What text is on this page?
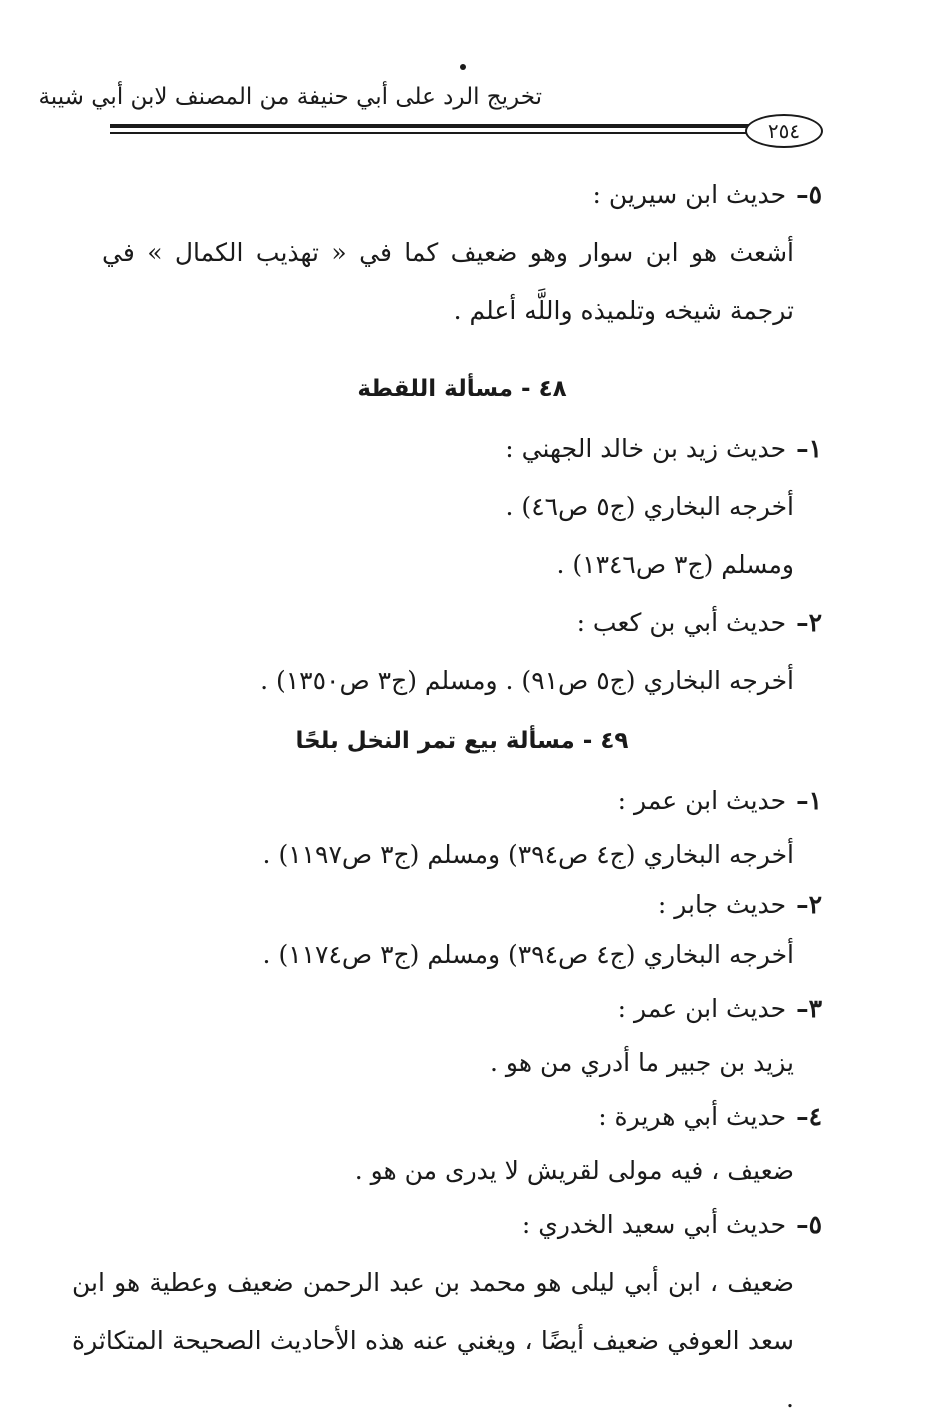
تخريج الرد على أبي حنيفة من المصنف لابن أبي شيبة
٢٥٤
٥– حديث ابن سيرين :
أشعث هو ابن سوار وهو ضعيف كما في « تهذيب الكمال » في ترجمة شيخه وتلميذه واللَّه أعلم .
٤٨ - مسألة اللقطة
١– حديث زيد بن خالد الجهني :
أخرجه البخاري (ج٥ ص٤٦) .
ومسلم (ج٣ ص١٣٤٦) .
٢– حديث أبي بن كعب :
أخرجه البخاري (ج٥ ص٩١) . ومسلم (ج٣ ص١٣٥٠) .
٤٩ - مسألة بيع تمر النخل بلحًا
١– حديث ابن عمر :
أخرجه البخاري (ج٤ ص٣٩٤) ومسلم (ج٣ ص١١٩٧) .
٢– حديث جابر :
أخرجه البخاري (ج٤ ص٣٩٤) ومسلم (ج٣ ص١١٧٤) .
٣– حديث ابن عمر :
يزيد بن جبير ما أدري من هو .
٤– حديث أبي هريرة :
ضعيف ، فيه مولى لقريش لا يدرى من هو .
٥– حديث أبي سعيد الخدري :
ضعيف ، ابن أبي ليلى هو محمد بن عبد الرحمن ضعيف وعطية هو ابن سعد العوفي ضعيف أيضًا ، ويغني عنه هذه الأحاديث الصحيحة المتكاثرة .
